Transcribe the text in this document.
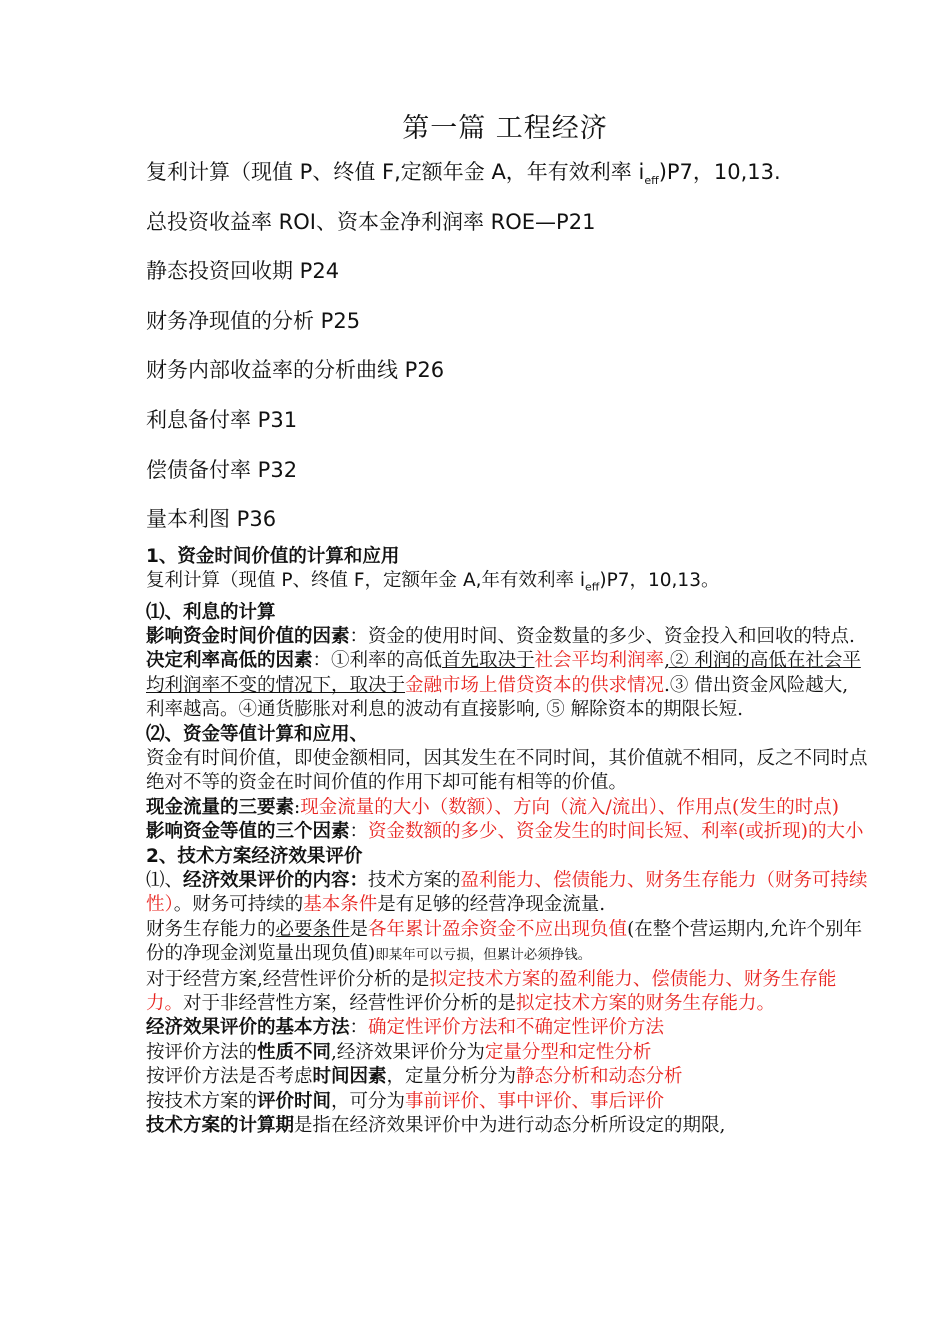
第一篇 工程经济
复利计算（现值 P、终值 F,定额年金 A，年有效利率 $i_{eff})P7$，10,13.
总投资收益率 ROI、资本金净利润率 ROE—P21
静态投资回收期 P24
财务净现值的分析 P25
财务内部收益率的分析曲线 P26
利息备付率 P31
偿债备付率 P32
量本利图 P36

1、资金时间价值的计算和应用

复利计算（现值 P、终值 F，定额年金 A,年有效利率 $i_{eff})P7$，10,13。

⑴、利息的计算

影响资金时间价值的因素：资金的使用时间、资金数量的多少、资金投入和回收的特点.

决定利率高低的因素：①利率的高低首先取决于社会平均利润率,② 利润的高低在社会平均利润率不变的情况下，取决于金融市场上借贷资本的供求情况.③ 借出资金风险越大, 利率越高。④通货膨胀对利息的波动有直接影响, ⑤ 解除资本的期限长短.

⑵、资金等值计算和应用、

资金有时间价值，即使金额相同，因其发生在不同时间，其价值就不相同，反之不同时点绝对不等的资金在时间价值的作用下却可能有相等的价值。

现金流量的三要素:现金流量的大小（数额）、方向（流入/流出）、作用点(发生的时点)

影响资金等值的三个因素：资金数额的多少、资金发生的时间长短、利率(或折现)的大小

2、技术方案经济效果评价

⑴、经济效果评价的内容：技术方案的盈利能力、偿债能力、财务生存能力（财务可持续性）。财务可持续的基本条件是有足够的经营净现金流量.

财务生存能力的必要条件是各年累计盈余资金不应出现负值(在整个营运期内,允许个别年份的净现金浏览量出现负值)即某年可以亏损，但累计必须挣钱。

对于经营方案,经营性评价分析的是拟定技术方案的盈利能力、偿债能力、财务生存能力。对于非经营性方案，经营性评价分析的是拟定技术方案的财务生存能力。

经济效果评价的基本方法：确定性评价方法和不确定性评价方法

按评价方法的性质不同,经济效果评价分为定量分型和定性分析

按评价方法是否考虑时间因素，定量分析分为静态分析和动态分析

按技术方案的评价时间，可分为事前评价、事中评价、事后评价

技术方案的计算期是指在经济效果评价中为进行动态分析所设定的期限,
